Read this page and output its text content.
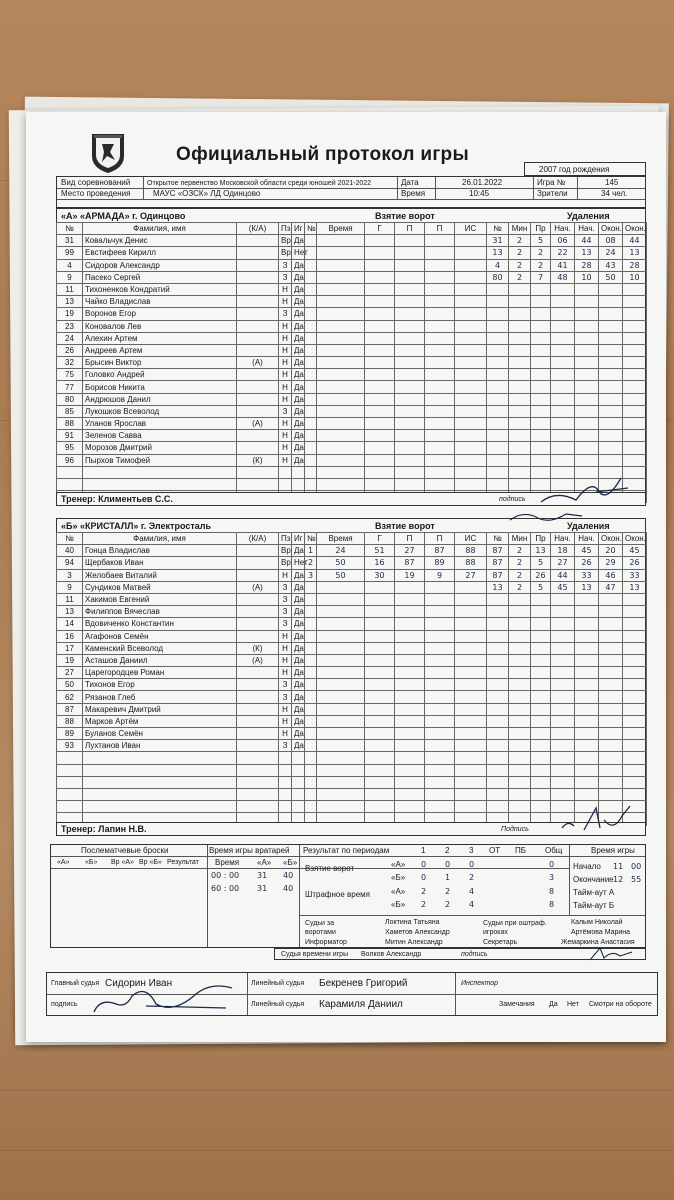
Официальный протокол игры
2007 год рождения
Вид соревнований Открытое первенство Московской области среди юношей 2021-2022
Место проведения	МАУС «ОЗСК» ЛД Одинцово
Дата	26.01.2022
Время	10:45
Игра №	145
Зрители	34 чел.
«А» «АРМАДА» г. Одинцово	Взятие ворот	Удаления
№	Фамилия, имя	(К/А)	Пз	Иг
31	Ковальчук Денис		Вр	Да
99	Евстифеев Кирилл		Вр	Нет
4	Сидоров Александр		З	Да
9	Пасеко Сергей		З	Да
11	Тихоненков Кондратий		Н	Да
13	Чайко Владислав		Н	Да
19	Воронов Егор		З	Да
23	Коновалов Лев		Н	Да
24	Алехин Артем		Н	Да
26	Андреев Артем		Н	Да
32	Брысин Виктор	(А)	Н	Да
75	Головко Андрей		Н	Да
77	Борисов Никита		Н	Да
80	Андрюшов Данил		Н	Да
85	Лукошков Всеволод		З	Да
88	Уланов Ярослав	(А)	Н	Да
91	Зеленов Савва		Н	Да
95	Морозов Дмитрий		Н	Да
96	Пырхов Тимофей	(К)	Н	Да

№	Время	Г	П	П	ИС

					№	Мин	Пр	Нач.	Нач.	Окон.	Окон.
31	2	5	06	44	08	44
13	2	2	22	13	24	13
4	2	2	41	28	43	28
80	2	7	48	10	50	10

Тренер: Климентьев С.С.	подпись
«Б» «КРИСТАЛЛ» г. Электросталь	Взятие ворот	Удаления
№	Фамилия, имя	(К/А)	Пз	Иг
40	Гонца Владислав		Вр	Да
94	Щербаков Иван		Вр	Нет
3	Желобаев Виталий		Н	Да
9	Сундиков Матвей	(А)	З	Да
11	Хакимов Евгений		З	Да
13	Филиппов Вячеслав		З	Да
14	Вдовиченко Константин		З	Да
16	Агафонов Семён		Н	Да
17	Каменский Всеволод	(К)	Н	Да
19	Асташов Даниил	(А)	Н	Да
27	Царегородцев Роман		Н	Да
50	Тихонов Егор		З	Да
62	Рязанов Глеб		З	Да
87	Макаревич Дмитрий		Н	Да
88	Марков Артём		Н	Да
89	Буланов Семён		Н	Да
93	Лухтанов Иван		З	Да

№	Время	Г	П	П	ИС
1	24	51	27	87	88
2	50	16	87	89	88
3	50	30	19	9	27

№	Мин	Пр	Нач.	Нач.	Окон.	Окон.
87	2	13	18	45	20	45
87	2	5	27	26	29	26
87	2	26	44	33	46	33
13	2	5	45	13	47	13

Тренер: Лапин Н.В.	Подпись
Послематчевые броски
«А» «Б» Вр «А» Вр «Б» Результат
Время игры вратарей
Время «А» «Б»
00 : 00 31 40
60 : 00 31 40
Результат по периодам	1 2 3 ОТ ПБ Общ
Взятие ворот
Штрафное время
«А» 0 0 0	0
«Б» 0 1 2	3
«А» 2 2 4	8
«Б» 2 2 4	8
Время игры
Начало 11 00
Окончание 12 55
Тайм-аут А
Тайм-аут Б
Судьи за воротами
Локтина Татьяна
Хаметов Александр
Судьи при оштраф. игроках
Калым Николай
Артёмова Марина
Информатор	Митин Александр	Секретарь	Жемаркина Анастасия
Судья времени игры Волков Александр	подпись
Главный судья Сидорин Иван
подпись
Линейный судья Бекренев Григорий
Линейный судья Карамиля Даниил
Инспектор
Замечания Да Нет Смотри на обороте
